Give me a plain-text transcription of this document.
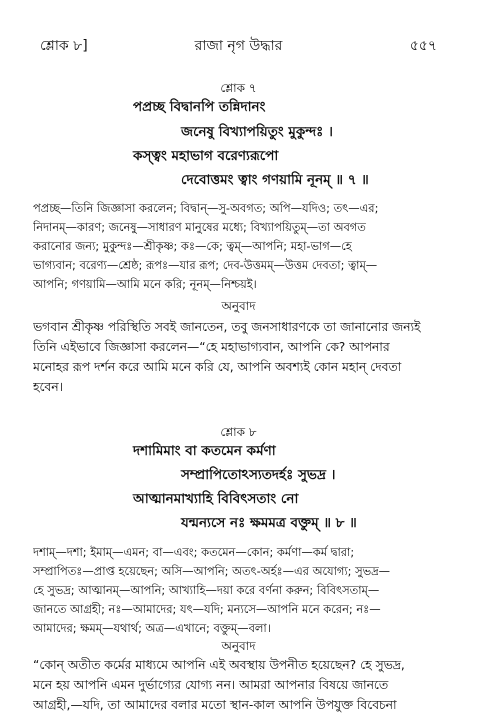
শ্লোক ৮]	রাজা নৃগ উদ্ধার	৫৫৭
শ্লোক ৭
পপ্রচ্ছ বিদ্বানপি তন্নিদানং
জনেষু বিখ্যাপয়িতুং মুকুন্দঃ ।
কস্ত্বং মহাভাগ বরেণ্যরূপো
দেবোত্তমং ত্বাং গণয়ামি নূনম্ ॥ ৭ ॥
পপ্রচ্ছ—তিনি জিজ্ঞাসা করলেন; বিদ্বান্—সু-অবগত; অপি—যদিও; তৎ—এর;
নিদানম্—কারণ; জনেষু—সাধারণ মানুষের মধ্যে; বিখ্যাপয়িতুম্—তা অবগত
করানোর জন্য; মুকুন্দঃ—শ্রীকৃষ্ণ; কঃ—কে; ত্বম্—আপনি; মহা-ভাগ—হে
ভাগ্যবান; বরেণ্য—শ্রেষ্ঠ; রূপঃ—যার রূপ; দেব-উত্তমম্—উত্তম দেবতা; ত্বাম্—
আপনি; গণয়ামি—আমি মনে করি; নূনম্—নিশ্চয়ই।
অনুবাদ
ভগবান শ্রীকৃষ্ণ পরিস্থিতি সবই জানতেন, তবু জনসাধারণকে তা জানানোর জন্যই
তিনি এইভাবে জিজ্ঞাসা করলেন—“হে মহাভাগ্যবান, আপনি কে? আপনার
মনোহর রূপ দর্শন করে আমি মনে করি যে, আপনি অবশ্যই কোন মহান্ দেবতা
হবেন।
শ্লোক ৮
দশামিমাং বা কতমেন কর্মণা
সম্প্রাপিতোঽস্যতদর্হঃ সুভদ্র ।
আত্মানমাখ্যাহি বিবিৎসতাং নো
যন্মন্যসে নঃ ক্ষমমত্র বক্তুম্ ॥ ৮ ॥
দশাম্—দশা; ইমাম্—এমন; বা—এবং; কতমেন—কোন; কর্মণা—কর্ম দ্বারা;
সম্প্রাপিতঃ—প্রাপ্ত হয়েছেন; অসি—আপনি; অতৎ-অর্হঃ—এর অযোগ্য; সুভদ্র—
হে সুভদ্র; আত্মানম্—আপনি; আখ্যাহি—দয়া করে বর্ণনা করুন; বিবিৎসতাম্—
জানতে আগ্রহী; নঃ—আমাদের; যৎ—যদি; মন্যসে—আপনি মনে করেন; নঃ—
আমাদের; ক্ষমম্—যথার্থ; অত্র—এখানে; বক্তুম্—বলা।
অনুবাদ
“কোন্ অতীত কর্মের মাধ্যমে আপনি এই অবস্থায় উপনীত হয়েছেন? হে সুভদ্র,
মনে হয় আপনি এমন দুর্ভাগ্যের যোগ্য নন। আমরা আপনার বিষয়ে জানতে
আগ্রহী,—যদি, তা আমাদের বলার মতো স্থান-কাল আপনি উপযুক্ত বিবেচনা
